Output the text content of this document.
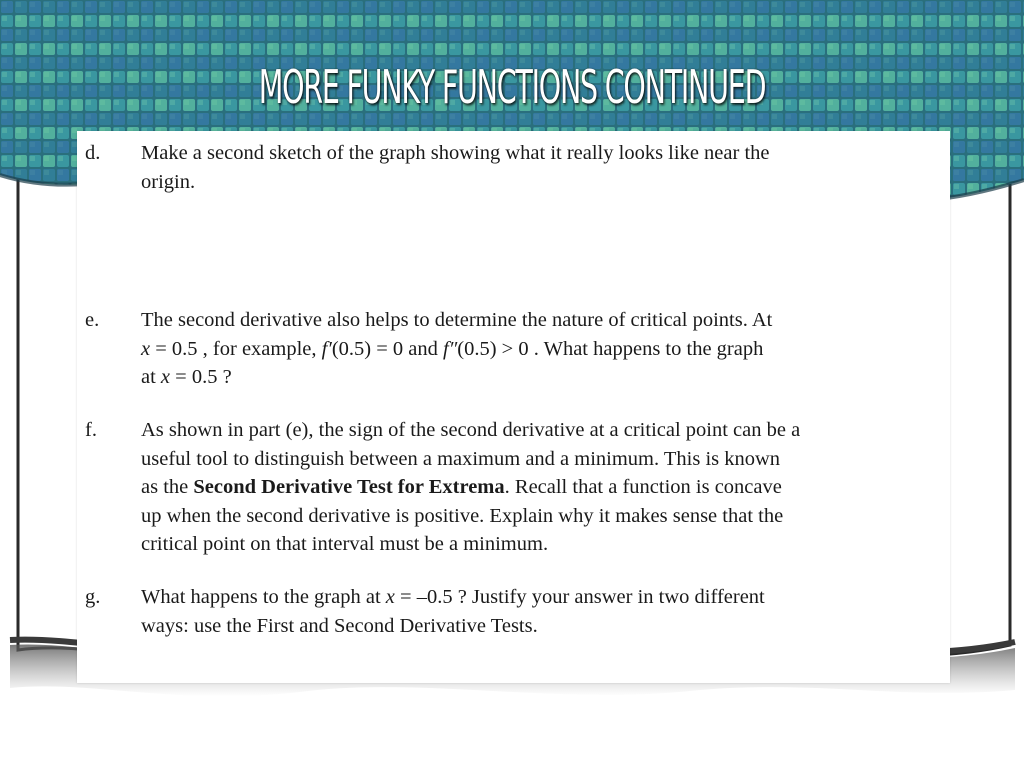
MORE FUNKY FUNCTIONS CONTINUED
d. Make a second sketch of the graph showing what it really looks like near the
origin.
e. The second derivative also helps to determine the nature of critical points. At
x = 0.5 , for example, f′(0.5) = 0 and f″(0.5) > 0 . What happens to the graph
at x = 0.5 ?
f. As shown in part (e), the sign of the second derivative at a critical point can be a
useful tool to distinguish between a maximum and a minimum. This is known
as the Second Derivative Test for Extrema. Recall that a function is concave
up when the second derivative is positive. Explain why it makes sense that the
critical point on that interval must be a minimum.
g. What happens to the graph at x = –0.5 ? Justify your answer in two different
ways: use the First and Second Derivative Tests.
